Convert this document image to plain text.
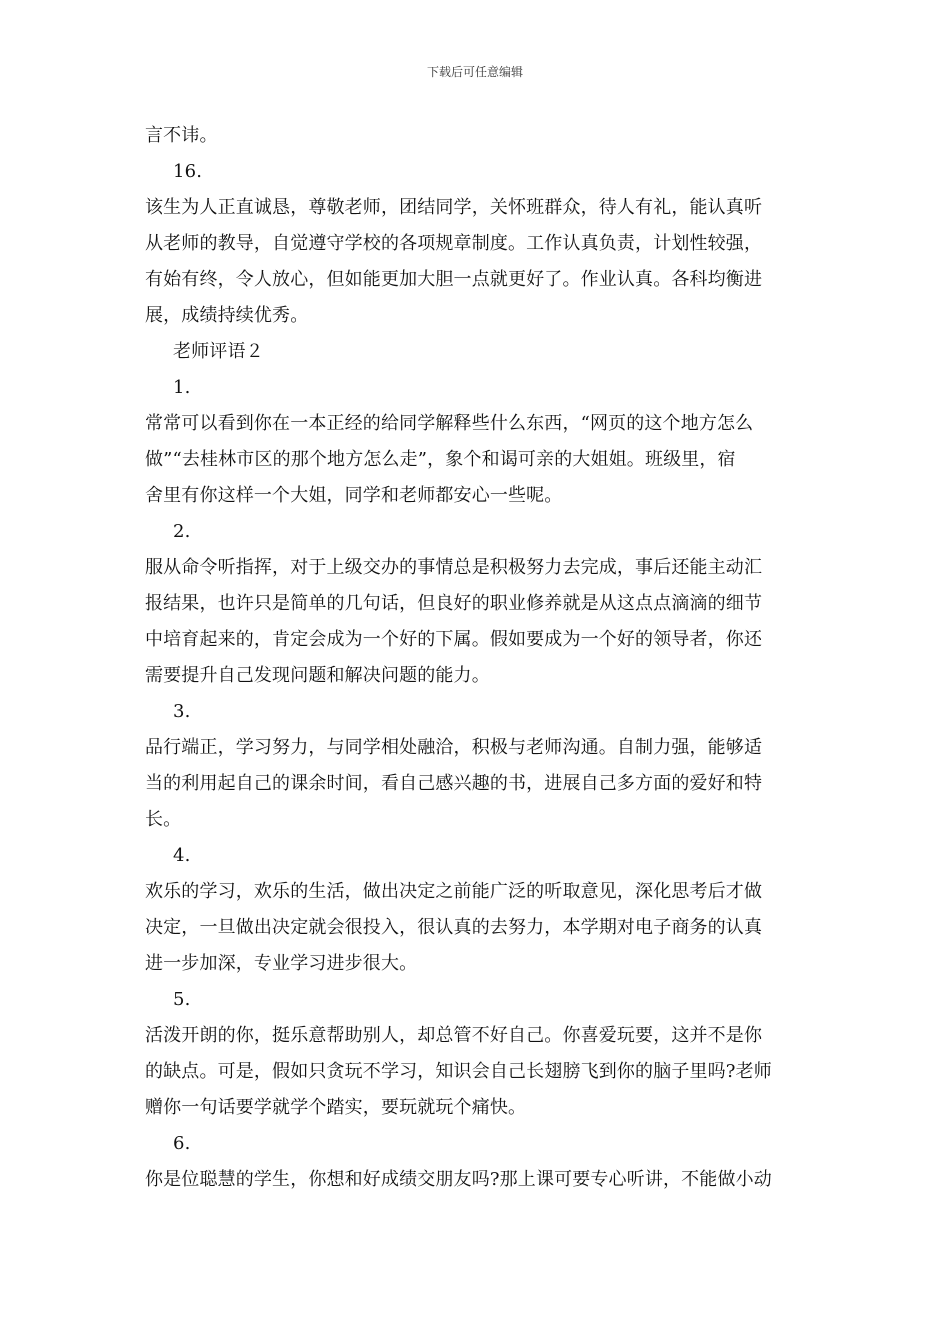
下载后可任意编辑
言不讳。
16.
该生为人正直诚恳，尊敬老师，团结同学，关怀班群众，待人有礼，能认真听
从老师的教导，自觉遵守学校的各项规章制度。工作认真负责，计划性较强，
有始有终，令人放心，但如能更加大胆一点就更好了。作业认真。各科均衡进
展，成绩持续优秀。
老师评语２
1.
常常可以看到你在一本正经的给同学解释些什么东西，“网页的这个地方怎么
做”“去桂林市区的那个地方怎么走”，象个和谒可亲的大姐姐。班级里，宿
舍里有你这样一个大姐，同学和老师都安心一些呢。
2.
服从命令听指挥，对于上级交办的事情总是积极努力去完成，事后还能主动汇
报结果，也许只是简单的几句话，但良好的职业修养就是从这点点滴滴的细节
中培育起来的，肯定会成为一个好的下属。假如要成为一个好的领导者，你还
需要提升自己发现问题和解决问题的能力。
3.
品行端正，学习努力，与同学相处融洽，积极与老师沟通。自制力强，能够适
当的利用起自己的课余时间，看自己感兴趣的书，进展自己多方面的爱好和特
长。
4.
欢乐的学习，欢乐的生活，做出决定之前能广泛的听取意见，深化思考后才做
决定，一旦做出决定就会很投入，很认真的去努力，本学期对电子商务的认真
进一步加深，专业学习进步很大。
5.
活泼开朗的你，挺乐意帮助别人，却总管不好自己。你喜爱玩要，这并不是你
的缺点。可是，假如只贪玩不学习，知识会自己长翅膀飞到你的脑子里吗?老师
赠你一句话要学就学个踏实，要玩就玩个痛快。
6.
你是位聪慧的学生，你想和好成绩交朋友吗?那上课可要专心听讲，不能做小动
